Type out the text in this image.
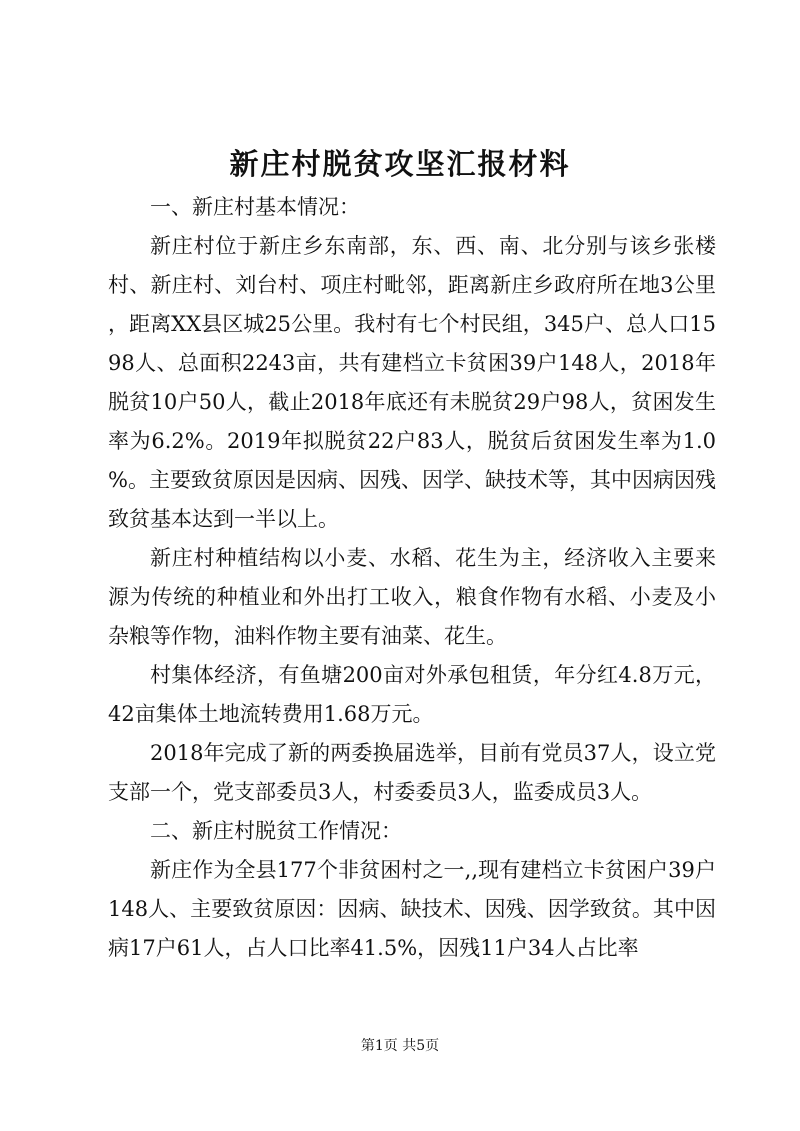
新庄村脱贫攻坚汇报材料

一、新庄村基本情况：

新庄村位于新庄乡东南部，东、西、南、北分别与该乡张楼村、新庄村、刘台村、项庄村毗邻，距离新庄乡政府所在地3公里，距离XX县区城25公里。我村有七个村民组，345户、总人口1598人、总面积2243亩，共有建档立卡贫困39户148人，2018年脱贫10户50人，截止2018年底还有未脱贫29户98人，贫困发生率为6.2%。2019年拟脱贫22户83人，脱贫后贫困发生率为1.0%。主要致贫原因是因病、因残、因学、缺技术等，其中因病因残致贫基本达到一半以上。

新庄村种植结构以小麦、水稻、花生为主，经济收入主要来源为传统的种植业和外出打工收入，粮食作物有水稻、小麦及小杂粮等作物，油料作物主要有油菜、花生。

村集体经济，有鱼塘200亩对外承包租赁，年分红4.8万元，42亩集体土地流转费用1.68万元。

2018年完成了新的两委换届选举，目前有党员37人，设立党支部一个，党支部委员3人，村委委员3人，监委成员3人。

二、新庄村脱贫工作情况：

新庄作为全县177个非贫困村之一,,现有建档立卡贫困户39户148人、主要致贫原因：因病、缺技术、因残、因学致贫。其中因病17户61人，占人口比率41.5%，因残11户34人占比率

第1页 共5页
